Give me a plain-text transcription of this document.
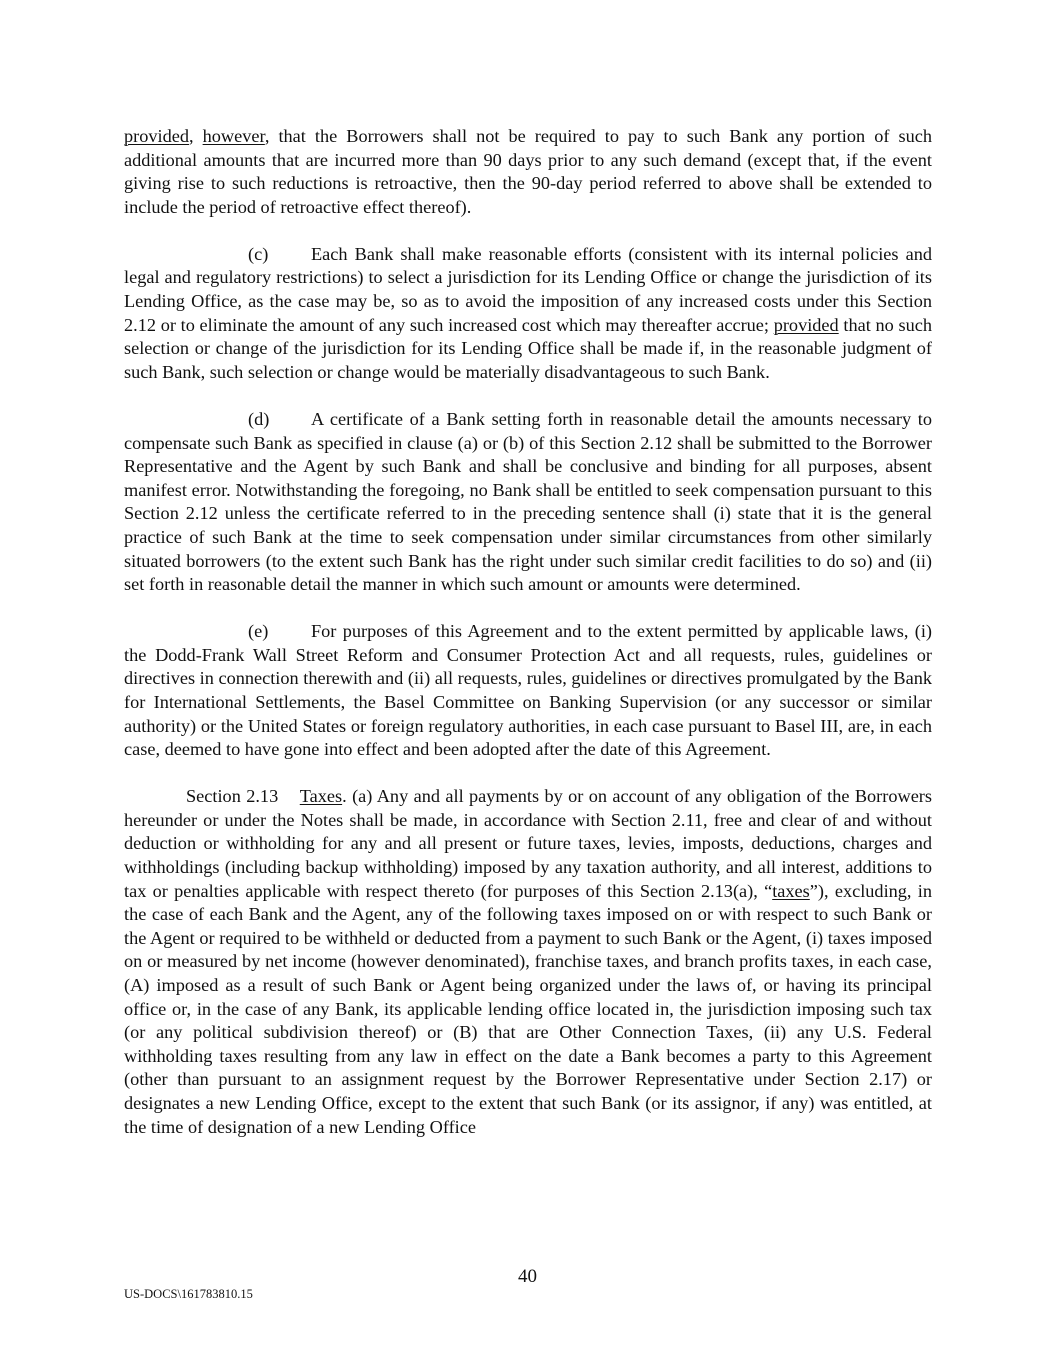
provided, however, that the Borrowers shall not be required to pay to such Bank any portion of such additional amounts that are incurred more than 90 days prior to any such demand (except that, if the event giving rise to such reductions is retroactive, then the 90-day period referred to above shall be extended to include the period of retroactive effect thereof).

(c) Each Bank shall make reasonable efforts (consistent with its internal policies and legal and regulatory restrictions) to select a jurisdiction for its Lending Office or change the jurisdiction of its Lending Office, as the case may be, so as to avoid the imposition of any increased costs under this Section 2.12 or to eliminate the amount of any such increased cost which may thereafter accrue; provided that no such selection or change of the jurisdiction for its Lending Office shall be made if, in the reasonable judgment of such Bank, such selection or change would be materially disadvantageous to such Bank.

(d) A certificate of a Bank setting forth in reasonable detail the amounts necessary to compensate such Bank as specified in clause (a) or (b) of this Section 2.12 shall be submitted to the Borrower Representative and the Agent by such Bank and shall be conclusive and binding for all purposes, absent manifest error. Notwithstanding the foregoing, no Bank shall be entitled to seek compensation pursuant to this Section 2.12 unless the certificate referred to in the preceding sentence shall (i) state that it is the general practice of such Bank at the time to seek compensation under similar circumstances from other similarly situated borrowers (to the extent such Bank has the right under such similar credit facilities to do so) and (ii) set forth in reasonable detail the manner in which such amount or amounts were determined.

(e) For purposes of this Agreement and to the extent permitted by applicable laws, (i) the Dodd-Frank Wall Street Reform and Consumer Protection Act and all requests, rules, guidelines or directives in connection therewith and (ii) all requests, rules, guidelines or directives promulgated by the Bank for International Settlements, the Basel Committee on Banking Supervision (or any successor or similar authority) or the United States or foreign regulatory authorities, in each case pursuant to Basel III, are, in each case, deemed to have gone into effect and been adopted after the date of this Agreement.

Section 2.13 Taxes. (a) Any and all payments by or on account of any obligation of the Borrowers hereunder or under the Notes shall be made, in accordance with Section 2.11, free and clear of and without deduction or withholding for any and all present or future taxes, levies, imposts, deductions, charges and withholdings (including backup withholding) imposed by any taxation authority, and all interest, additions to tax or penalties applicable with respect thereto (for purposes of this Section 2.13(a), “taxes”), excluding, in the case of each Bank and the Agent, any of the following taxes imposed on or with respect to such Bank or the Agent or required to be withheld or deducted from a payment to such Bank or the Agent, (i) taxes imposed on or measured by net income (however denominated), franchise taxes, and branch profits taxes, in each case, (A) imposed as a result of such Bank or Agent being organized under the laws of, or having its principal office or, in the case of any Bank, its applicable lending office located in, the jurisdiction imposing such tax (or any political subdivision thereof) or (B) that are Other Connection Taxes, (ii) any U.S. Federal withholding taxes resulting from any law in effect on the date a Bank becomes a party to this Agreement (other than pursuant to an assignment request by the Borrower Representative under Section 2.17) or designates a new Lending Office, except to the extent that such Bank (or its assignor, if any) was entitled, at the time of designation of a new Lending Office

40
US-DOCS\161783810.15
